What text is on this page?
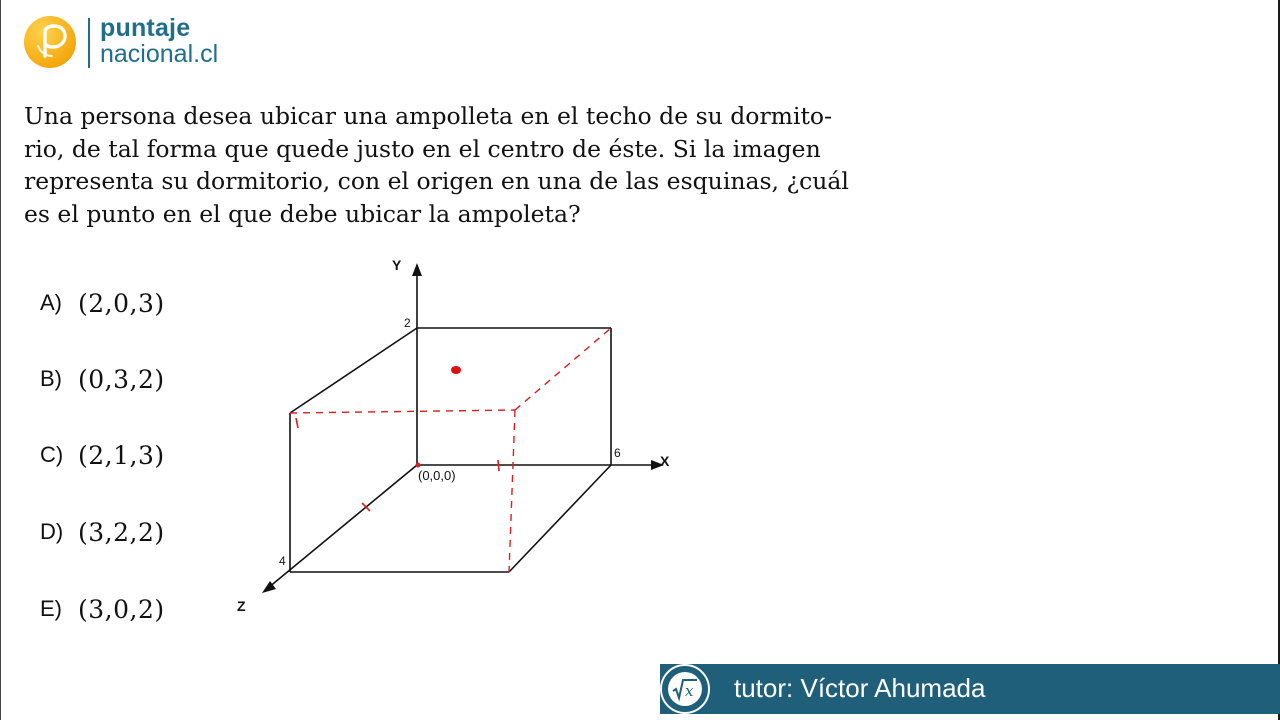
puntaje
nacional.cl
Una persona desea ubicar una ampolleta en el techo de su dormito-
rio, de tal forma que quede justo en el centro de éste. Si la imagen
representa su dormitorio, con el origen en una de las esquinas, ¿cuál
es el punto en el que debe ubicar la ampoleta?
A) (2,0,3)
B) (0,3,2)
C) (2,1,3)
D) (3,2,2)
E) (3,0,2)
Y
X
Z
2
6
4
(0,0,0)
x tutor: Víctor Ahumada
